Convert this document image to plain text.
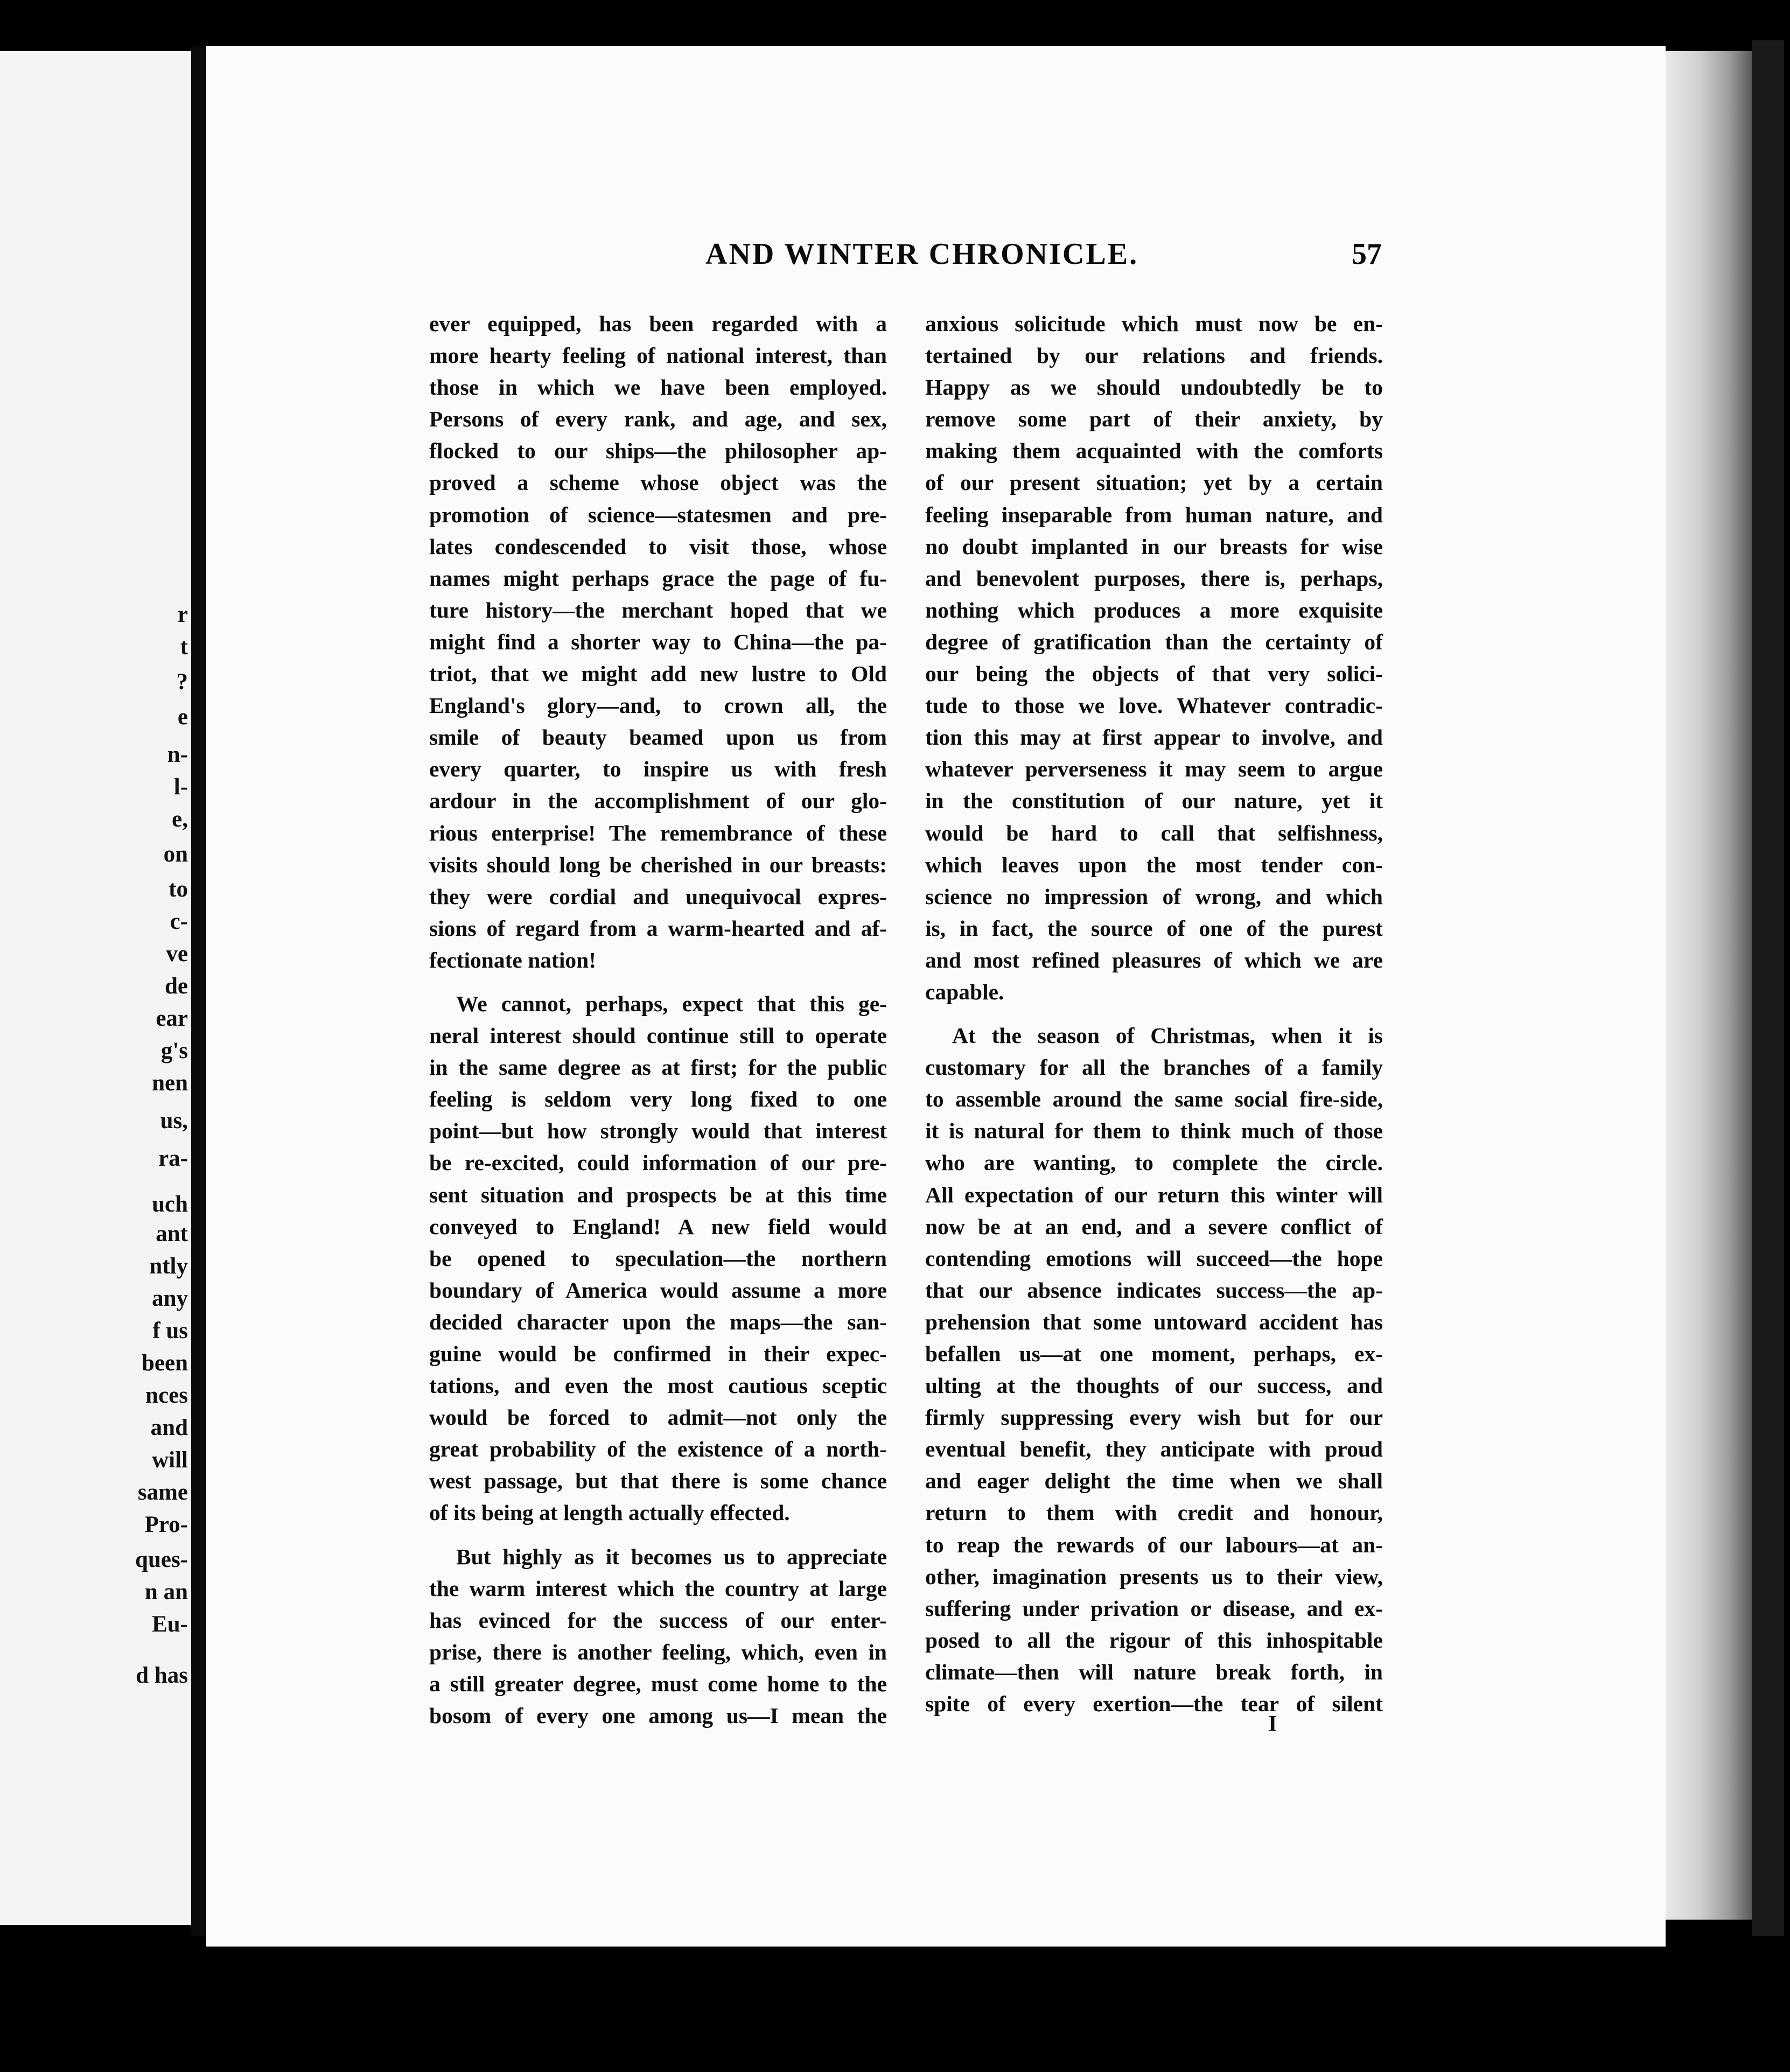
r
t
?
e
n-
l-
e,
on
to
c-
ve
de
ear
g's
nen
us,
ra-
uch
ant
ntly
any
f us
been
nces
and
will
same
Pro-
ques-
n an
Eu-
d has
AND WINTER CHRONICLE.	57

ever equipped, has been regarded with a

more hearty feeling of national interest, than

those in which we have been employed.

Persons of every rank, and age, and sex,

flocked to our ships—the philosopher ap-

proved a scheme whose object was the

promotion of science—statesmen and pre-

lates condescended to visit those, whose

names might perhaps grace the page of fu-

ture history—the merchant hoped that we

might find a shorter way to China—the pa-

triot, that we might add new lustre to Old

England's glory—and, to crown all, the

smile of beauty beamed upon us from

every quarter, to inspire us with fresh

ardour in the accomplishment of our glo-

rious enterprise! The remembrance of these

visits should long be cherished in our breasts:

they were cordial and unequivocal expres-

sions of regard from a warm-hearted and af-

fectionate nation!

We cannot, perhaps, expect that this ge-

neral interest should continue still to operate

in the same degree as at first; for the public

feeling is seldom very long fixed to one

point—but how strongly would that interest

be re-excited, could information of our pre-

sent situation and prospects be at this time

conveyed to England! A new field would

be opened to speculation—the northern

boundary of America would assume a more

decided character upon the maps—the san-

guine would be confirmed in their expec-

tations, and even the most cautious sceptic

would be forced to admit—not only the

great probability of the existence of a north-

west passage, but that there is some chance

of its being at length actually effected.

But highly as it becomes us to appreciate

the warm interest which the country at large

has evinced for the success of our enter-

prise, there is another feeling, which, even in

a still greater degree, must come home to the

bosom of every one among us—I mean the

anxious solicitude which must now be en-

tertained by our relations and friends.

Happy as we should undoubtedly be to

remove some part of their anxiety, by

making them acquainted with the comforts

of our present situation; yet by a certain

feeling inseparable from human nature, and

no doubt implanted in our breasts for wise

and benevolent purposes, there is, perhaps,

nothing which produces a more exquisite

degree of gratification than the certainty of

our being the objects of that very solici-

tude to those we love. Whatever contradic-

tion this may at first appear to involve, and

whatever perverseness it may seem to argue

in the constitution of our nature, yet it

would be hard to call that selfishness,

which leaves upon the most tender con-

science no impression of wrong, and which

is, in fact, the source of one of the purest

and most refined pleasures of which we are

capable.

At the season of Christmas, when it is

customary for all the branches of a family

to assemble around the same social fire-side,

it is natural for them to think much of those

who are wanting, to complete the circle.

All expectation of our return this winter will

now be at an end, and a severe conflict of

contending emotions will succeed—the hope

that our absence indicates success—the ap-

prehension that some untoward accident has

befallen us—at one moment, perhaps, ex-

ulting at the thoughts of our success, and

firmly suppressing every wish but for our

eventual benefit, they anticipate with proud

and eager delight the time when we shall

return to them with credit and honour,

to reap the rewards of our labours—at an-

other, imagination presents us to their view,

suffering under privation or disease, and ex-

posed to all the rigour of this inhospitable

climate—then will nature break forth, in

spite of every exertion—the tear of silent

I
